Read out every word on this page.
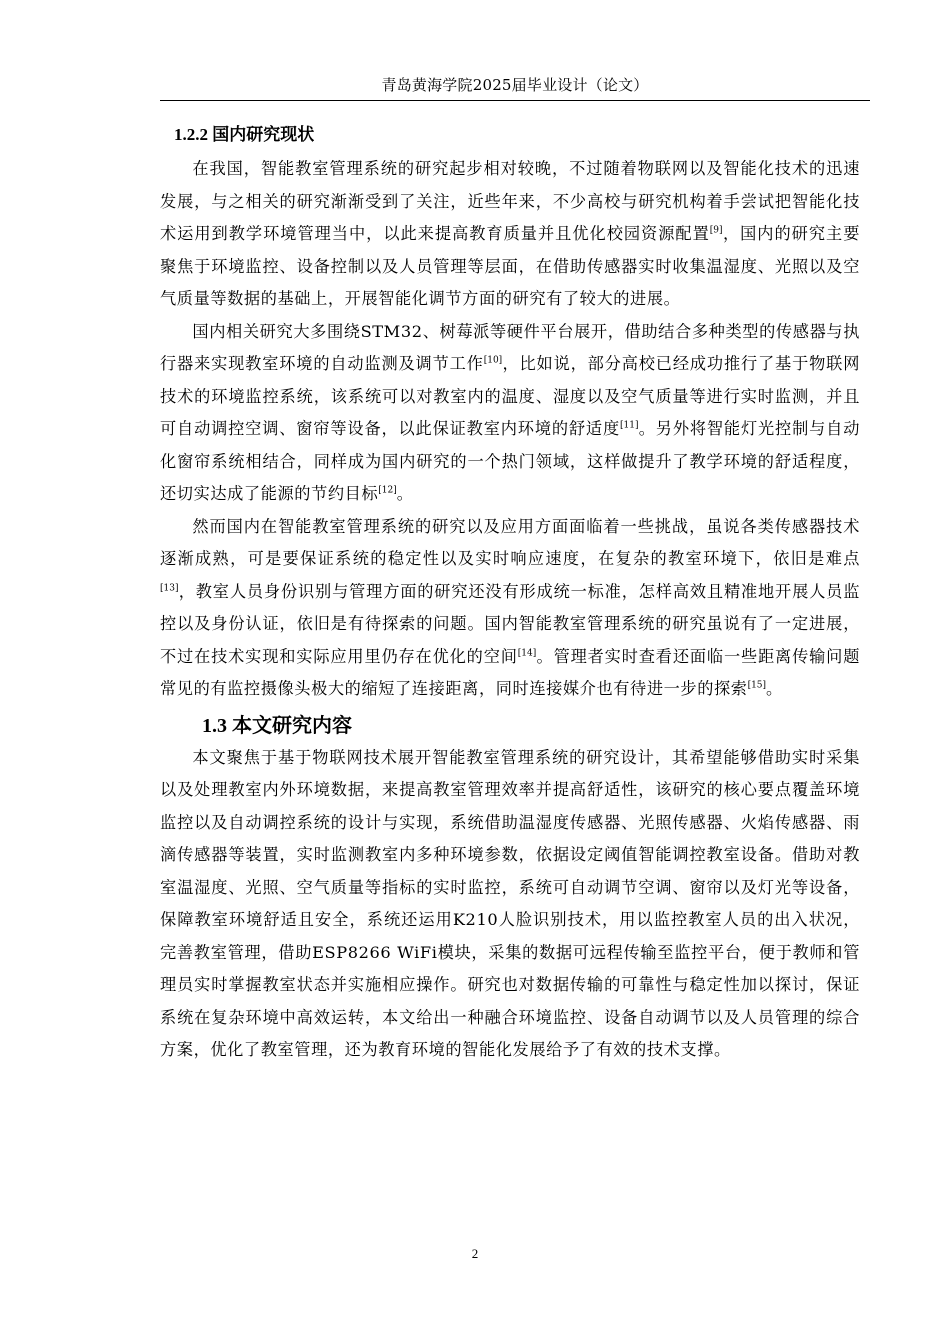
青岛黄海学院2025届毕业设计（论文）
1.2.2 国内研究现状

在我国，智能教室管理系统的研究起步相对较晚，不过随着物联网以及智能化技术的迅速发展，与之相关的研究渐渐受到了关注，近些年来，不少高校与研究机构着手尝试把智能化技术运用到教学环境管理当中，以此来提高教育质量并且优化校园资源配置[9]，国内的研究主要聚焦于环境监控、设备控制以及人员管理等层面，在借助传感器实时收集温湿度、光照以及空气质量等数据的基础上，开展智能化调节方面的研究有了较大的进展。

国内相关研究大多围绕STM32、树莓派等硬件平台展开，借助结合多种类型的传感器与执行器来实现教室环境的自动监测及调节工作[10]，比如说，部分高校已经成功推行了基于物联网技术的环境监控系统，该系统可以对教室内的温度、湿度以及空气质量等进行实时监测，并且可自动调控空调、窗帘等设备，以此保证教室内环境的舒适度[11]。另外将智能灯光控制与自动化窗帘系统相结合，同样成为国内研究的一个热门领域，这样做提升了教学环境的舒适程度，还切实达成了能源的节约目标[12]。

然而国内在智能教室管理系统的研究以及应用方面面临着一些挑战，虽说各类传感器技术逐渐成熟，可是要保证系统的稳定性以及实时响应速度，在复杂的教室环境下，依旧是难点[13]，教室人员身份识别与管理方面的研究还没有形成统一标准，怎样高效且精准地开展人员监控以及身份认证，依旧是有待探索的问题。国内智能教室管理系统的研究虽说有了一定进展，不过在技术实现和实际应用里仍存在优化的空间[14]。管理者实时查看还面临一些距离传输问题常见的有监控摄像头极大的缩短了连接距离，同时连接媒介也有待进一步的探索[15]。

1.3 本文研究内容

本文聚焦于基于物联网技术展开智能教室管理系统的研究设计，其希望能够借助实时采集以及处理教室内外环境数据，来提高教室管理效率并提高舒适性，该研究的核心要点覆盖环境监控以及自动调控系统的设计与实现，系统借助温湿度传感器、光照传感器、火焰传感器、雨滴传感器等装置，实时监测教室内多种环境参数，依据设定阈值智能调控教室设备。借助对教室温湿度、光照、空气质量等指标的实时监控，系统可自动调节空调、窗帘以及灯光等设备，保障教室环境舒适且安全，系统还运用K210人脸识别技术，用以监控教室人员的出入状况，完善教室管理，借助ESP8266 WiFi模块，采集的数据可远程传输至监控平台，便于教师和管理员实时掌握教室状态并实施相应操作。研究也对数据传输的可靠性与稳定性加以探讨，保证系统在复杂环境中高效运转，本文给出一种融合环境监控、设备自动调节以及人员管理的综合方案，优化了教室管理，还为教育环境的智能化发展给予了有效的技术支撑。

2
